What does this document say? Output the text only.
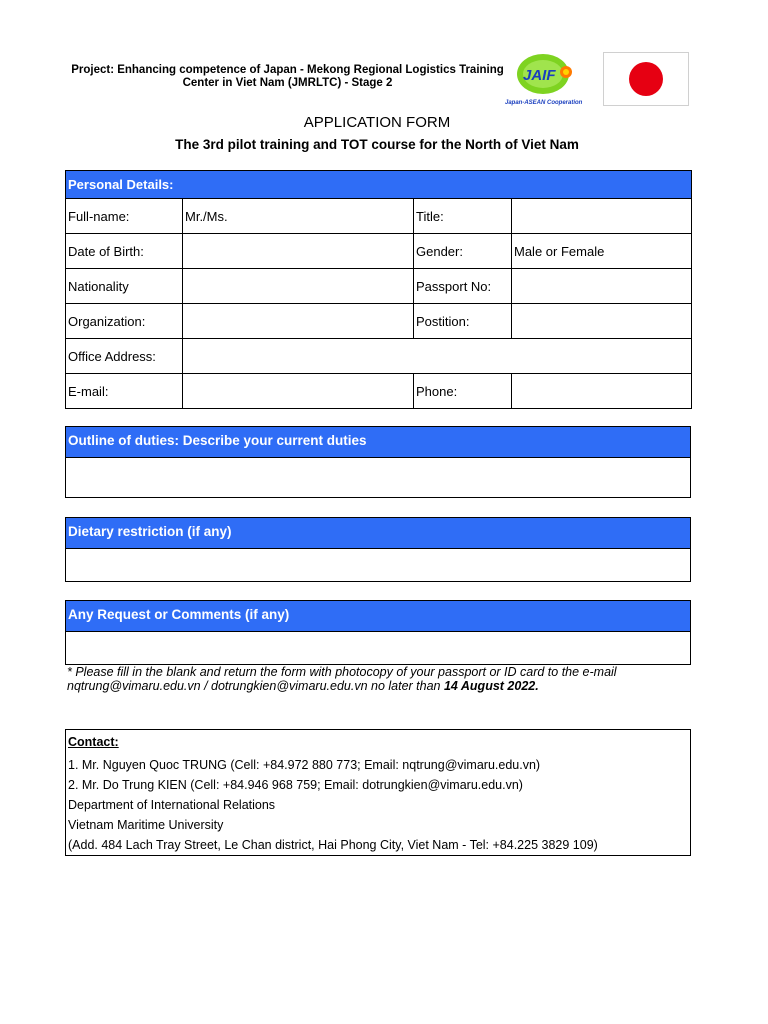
Project: Enhancing competence of Japan - Mekong Regional Logistics Training
Center in Viet Nam (JMRLTC) - Stage 2	JAIF
Japan-ASEAN Cooperation
APPLICATION FORM
The 3rd pilot training and TOT course for the North of Viet Nam
Personal Details:			
Full-name:	Mr./Ms.	Title:	
Date of Birth:		Gender:	Male or Female
Nationality		Passport No:	
Organization:		Postition:	
Office Address:			
E-mail:		Phone:	
Outline of duties: Describe your current duties
Dietary restriction (if any)
Any Request or Comments (if any)
* Please fill in the blank and return the form with photocopy of your passport or ID card to the e-mail
nqtrung@vimaru.edu.vn / dotrungkien@vimaru.edu.vn no later than 14 August 2022.
Contact:
1. Mr. Nguyen Quoc TRUNG (Cell: +84.972 880 773; Email: nqtrung@vimaru.edu.vn)
2. Mr. Do Trung KIEN (Cell: +84.946 968 759; Email: dotrungkien@vimaru.edu.vn)
Department of International Relations
Vietnam Maritime University
(Add. 484 Lach Tray Street, Le Chan district, Hai Phong City, Viet Nam - Tel: +84.225 3829 109)
